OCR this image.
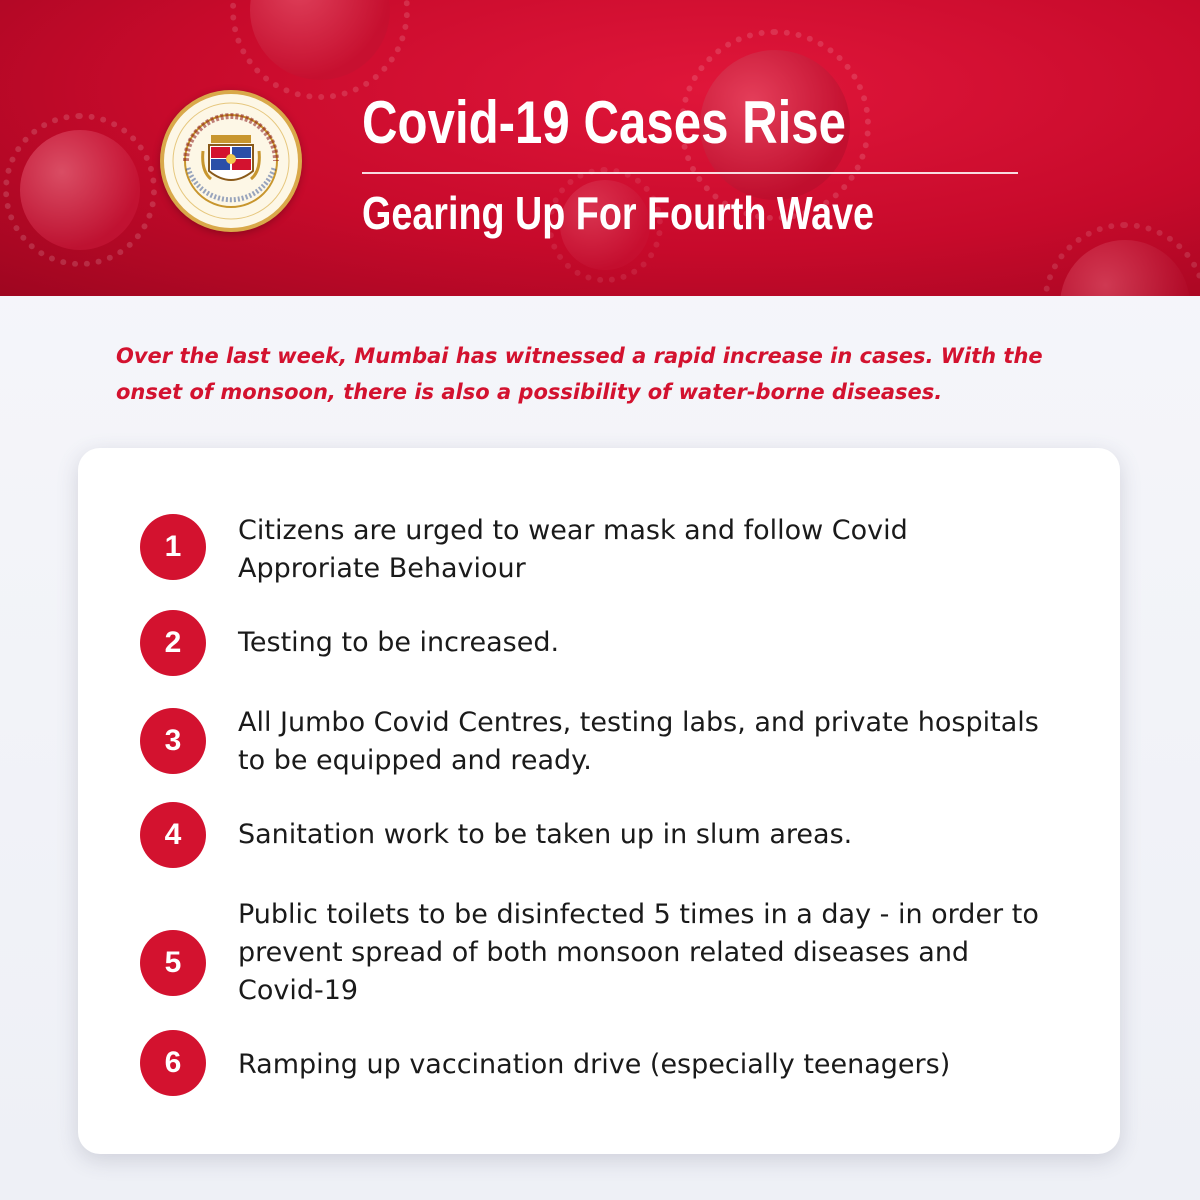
Covid-19 Cases Rise
Gearing Up For Fourth Wave

Over the last week, Mumbai has witnessed a rapid increase in cases. With the onset of monsoon, there is also a possibility of water-borne diseases.

1	Citizens are urged to wear mask and follow Covid Approriate Behaviour

2	Testing to be increased.

3

All Jumbo Covid Centres, testing labs, and private hospitals to be equipped and ready.

4	Sanitation work to be taken up in slum areas.

5

Public toilets to be disinfected 5 times in a day - in order to prevent spread of both monsoon related diseases and Covid-19

6	Ramping up vaccination drive (especially teenagers)
